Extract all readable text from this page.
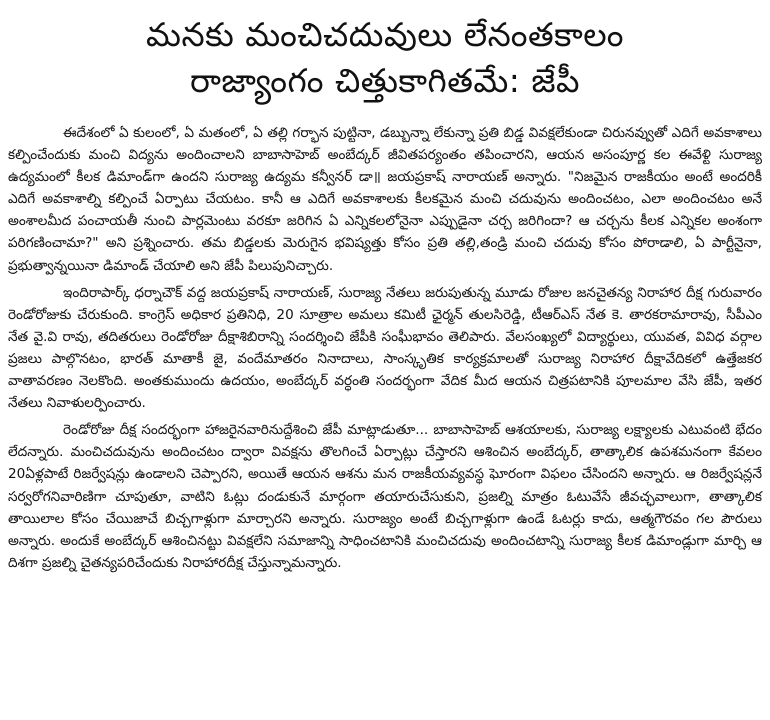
మనకు మంచిచదువులు లేనంతకాలం
రాజ్యాంగం చిత్తుకాగితమే: జేపీ

ఈదేశంలో ఏ కులంలో, ఏ మతంలో, ఏ తల్లి గర్భాన పుట్టినా, డబ్బున్నా లేకున్నా ప్రతి బిడ్డ వివక్షలేకుండా చిరునవ్వుతో ఎదిగే అవకాశాలు కల్పించేందుకు మంచి విద్యను అందించాలని బాబాసాహెబ్ అంబేద్కర్ జీవితపర్యంతం తపించారని, ఆయన అసంపూర్ణ కల ఈవేళ్టి సురాజ్య ఉద్యమంలో కీలక డిమాండ్‌గా ఉందని సురాజ్య ఉద్యమ కన్వీనర్ డా॥ జయప్రకాష్ నారాయణ్ అన్నారు. "నిజమైన రాజకీయం అంటే అందరికీ ఎదిగే అవకాశాల్ని కల్పించే ఏర్పాటు చేయటం. కానీ ఆ ఎదిగే అవకాశాలకు కీలకమైన మంచి చదువును అందించటం, ఎలా అందించటం అనే అంశాలమీద పంచాయతీ నుంచి పార్లమెంటు వరకూ జరిగిన ఏ ఎన్నికలలోనైనా ఎప్పుడైనా చర్చ జరిగిందా? ఆ చర్చను కీలక ఎన్నికల అంశంగా పరిగణించామా?" అని ప్రశ్నించారు. తమ బిడ్డలకు మెరుగైన భవిష్యత్తు కోసం ప్రతి తల్లి,తండ్రి మంచి చదువు కోసం పోరాడాలి, ఏ పార్టీనైనా, ప్రభుత్వాన్నయినా డిమాండ్ చేయాలి అని జేపీ పిలుపునిచ్చారు.

ఇందిరాపార్క్ ధర్నాచౌక్ వద్ద జయప్రకాష్ నారాయణ్, సురాజ్య నేతలు జరుపుతున్న మూడు రోజుల జనచైతన్య నిరాహార దీక్ష గురువారం రెండోరోజుకు చేరుకుంది. కాంగ్రెస్ అధికార ప్రతినిధి, 20 సూత్రాల అమలు కమిటీ ఛైర్మన్ తులసిరెడ్డి, టీఆర్ఎస్ నేత కె. తారకరామారావు, సీపీఎం నేత వై.వి రావు, తదితరులు రెండోరోజు దీక్షాశిబిరాన్ని సందర్శించి జేపీకి సంఘీభావం తెలిపారు. వేలసంఖ్యలో విద్యార్థులు, యువత, వివిధ వర్గాల ప్రజలు పాల్గొనటం, భారత్ మాతాకీ జై, వందేమాతరం నినాదాలు, సాంస్కృతిక కార్యక్రమాలతో సురాజ్య నిరాహార దీక్షావేదికలో ఉత్తేజకర వాతావరణం నెలకొంది. అంతకుముందు ఉదయం, అంబేద్కర్ వర్ధంతి సందర్భంగా వేదిక మీద ఆయన చిత్రపటానికి పూలమాల వేసి జేపీ, ఇతర నేతలు నివాళులర్పించారు.

రెండోరోజు దీక్ష సందర్భంగా హాజరైనవారినుద్దేశించి జేపీ మాట్లాడుతూ... బాబాసాహెబ్ ఆశయాలకు, సురాజ్య లక్ష్యాలకు ఎటువంటి భేదం లేదన్నారు. మంచిచదువును అందించటం ద్వారా వివక్షను తొలగించే ఏర్పాట్లు చేస్తారని ఆశించిన అంబేద్కర్, తాత్కాలిక ఉపశమనంగా కేవలం 20ఏళ్లపాటే రిజర్వేషన్లు ఉండాలని చెప్పారని, అయితే ఆయన ఆశను మన రాజకీయవ్యవస్థ ఘోరంగా విఫలం చేసిందని అన్నారు. ఆ రిజర్వేషన్లనే సర్వరోగనివారిణిగా చూపుతూ, వాటిని ఓట్లు దండుకునే మార్గంగా తయారుచేసుకుని, ప్రజల్ని మాత్రం ఓటువేసే జీవచ్ఛవాలుగా, తాత్కాలిక తాయిలాల కోసం చేయిజాచే బిచ్చగాళ్లుగా మార్చారని అన్నారు. సురాజ్యం అంటే బిచ్చగాళ్లుగా ఉండే ఓటర్లు కాదు, ఆత్మగౌరవం గల పౌరులు అన్నారు. అందుకే అంబేద్కర్ ఆశించినట్టు వివక్షలేని సమాజాన్ని సాధించటానికి మంచిచదువు అందించటాన్ని సురాజ్య కీలక డిమాండ్లుగా మార్చి ఆ దిశగా ప్రజల్ని చైతన్యపరిచేందుకు నిరాహారదీక్ష చేస్తున్నామన్నారు.
